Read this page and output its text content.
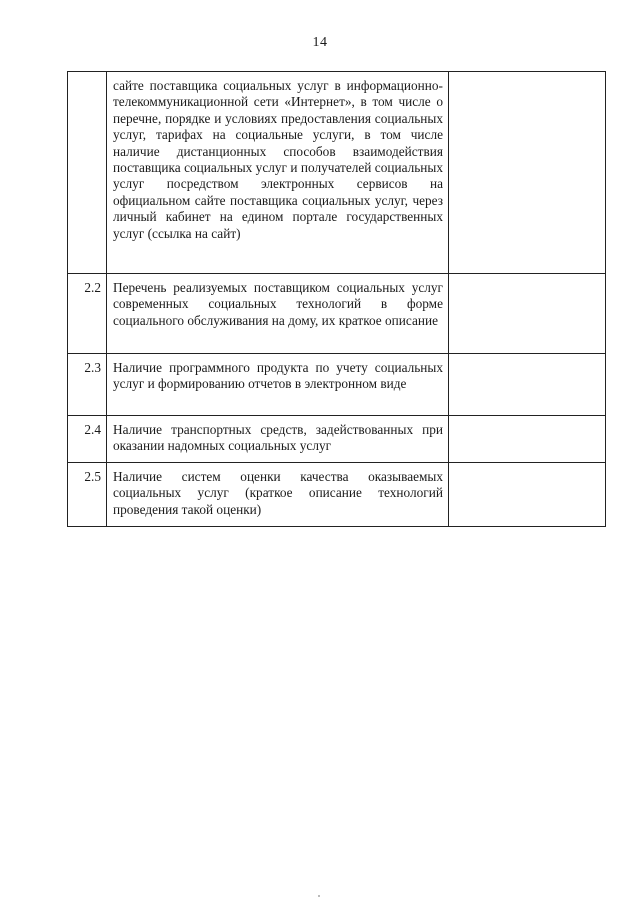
14
	сайте поставщика социальных услуг в информационно-телекоммуникационной сети «Интернет», в том числе о перечне, порядке и условиях предоставления социальных услуг, тарифах на социальные услуги, в том числе наличие дистанционных способов взаимодействия поставщика социальных услуг и получателей социальных услуг посредством электронных сервисов на официальном сайте поставщика социальных услуг, через личный кабинет на едином портале государственных услуг (ссылка на сайт)	
2.2	Перечень реализуемых поставщиком социальных услуг современных социальных технологий в форме социального обслуживания на дому, их краткое описание	
2.3	Наличие программного продукта по учету социальных услуг и формированию отчетов в электронном виде	
2.4	Наличие транспортных средств, задействованных при оказании надомных социальных услуг	
2.5	Наличие систем оценки качества оказываемых социальных услуг (краткое описание технологий проведения такой оценки)	
